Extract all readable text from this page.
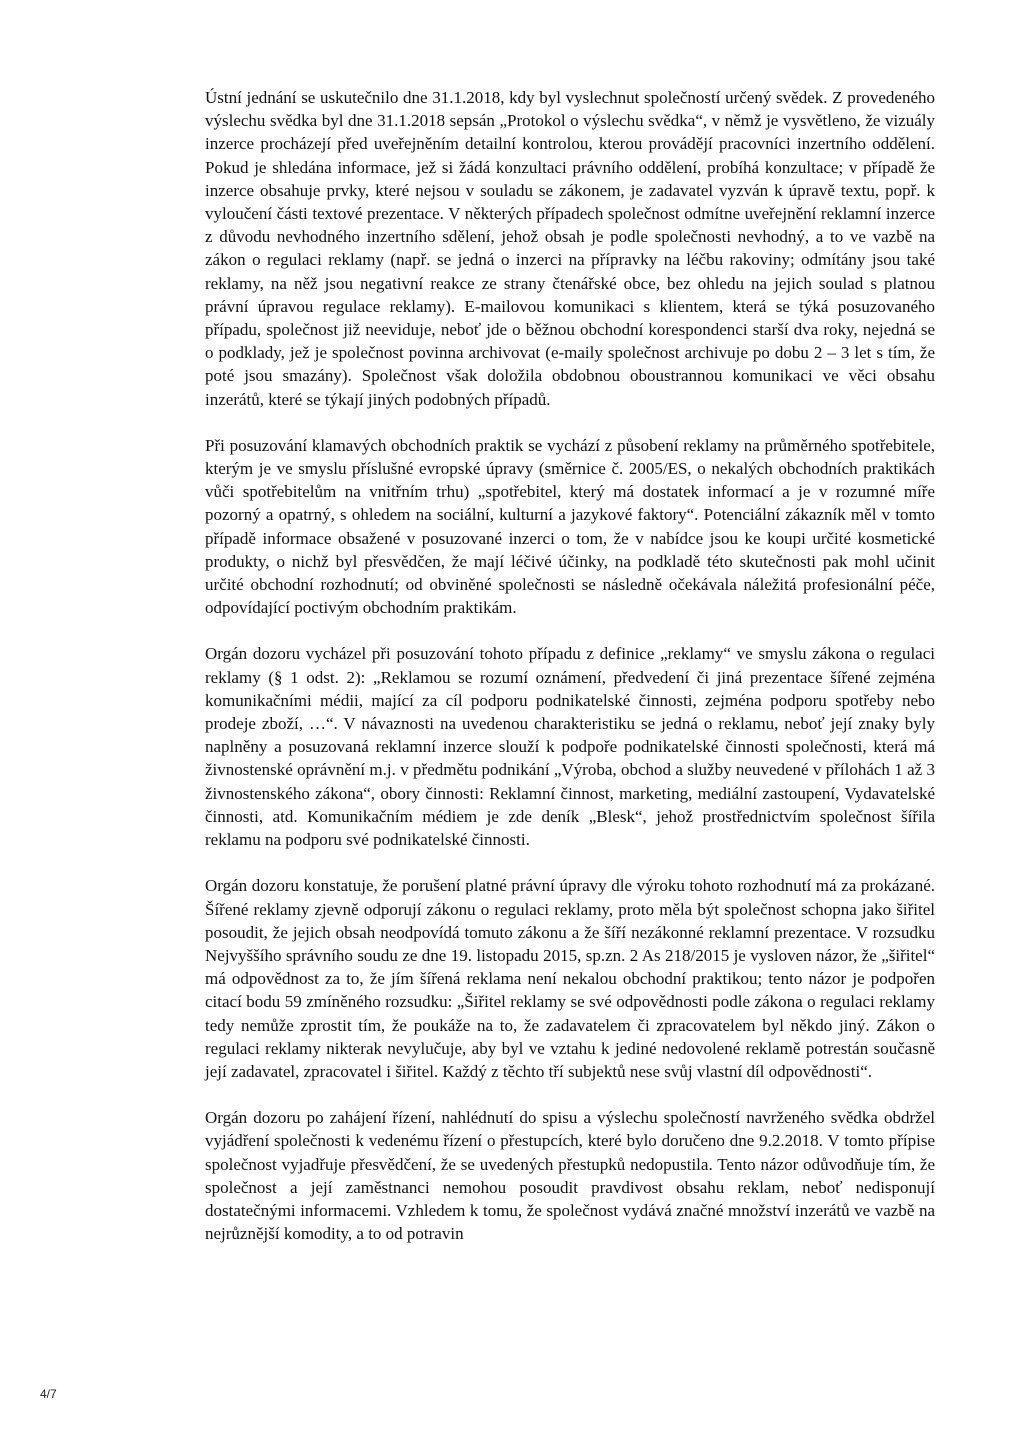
Ústní jednání se uskutečnilo dne 31.1.2018, kdy byl vyslechnut společností určený svědek. Z provedeného výslechu svědka byl dne 31.1.2018 sepsán „Protokol o výslechu svědka“, v němž je vysvětleno, že vizuály inzerce procházejí před uveřejněním detailní kontrolou, kterou provádějí pracovníci inzertního oddělení. Pokud je shledána informace, jež si žádá konzultaci právního oddělení, probíhá konzultace; v případě že inzerce obsahuje prvky, které nejsou v souladu se zákonem, je zadavatel vyzván k úpravě textu, popř. k vyloučení části textové prezentace. V některých případech společnost odmítne uveřejnění reklamní inzerce z důvodu nevhodného inzertního sdělení, jehož obsah je podle společnosti nevhodný, a to ve vazbě na zákon o regulaci reklamy (např. se jedná o inzerci na přípravky na léčbu rakoviny; odmítány jsou také reklamy, na něž jsou negativní reakce ze strany čtenářské obce, bez ohledu na jejich soulad s platnou právní úpravou regulace reklamy). E-mailovou komunikaci s klientem, která se týká posuzovaného případu, společnost již neeviduje, neboť jde o běžnou obchodní korespondenci starší dva roky, nejedná se o podklady, jež je společnost povinna archivovat (e-maily společnost archivuje po dobu 2 – 3 let s tím, že poté jsou smazány). Společnost však doložila obdobnou oboustrannou komunikaci ve věci obsahu inzerátů, které se týkají jiných podobných případů.

Při posuzování klamavých obchodních praktik se vychází z působení reklamy na průměrného spotřebitele, kterým je ve smyslu příslušné evropské úpravy (směrnice č. 2005/ES, o nekalých obchodních praktikách vůči spotřebitelům na vnitřním trhu) „spotřebitel, který má dostatek informací a je v rozumné míře pozorný a opatrný, s ohledem na sociální, kulturní a jazykové faktory“. Potenciální zákazník měl v tomto případě informace obsažené v posuzované inzerci o tom, že v nabídce jsou ke koupi určité kosmetické produkty, o nichž byl přesvědčen, že mají léčivé účinky, na podkladě této skutečnosti pak mohl učinit určité obchodní rozhodnutí; od obviněné společnosti se následně očekávala náležitá profesionální péče, odpovídající poctivým obchodním praktikám.

Orgán dozoru vycházel při posuzování tohoto případu z definice „reklamy“ ve smyslu zákona o regulaci reklamy (§ 1 odst. 2): „Reklamou se rozumí oznámení, předvedení či jiná prezentace šířené zejména komunikačními médii, mající za cíl podporu podnikatelské činnosti, zejména podporu spotřeby nebo prodeje zboží, …“. V návaznosti na uvedenou charakteristiku se jedná o reklamu, neboť její znaky byly naplněny a posuzovaná reklamní inzerce slouží k podpoře podnikatelské činnosti společnosti, která má živnostenské oprávnění m.j. v předmětu podnikání „Výroba, obchod a služby neuvedené v přílohách 1 až 3 živnostenského zákona“, obory činnosti: Reklamní činnost, marketing, mediální zastoupení, Vydavatelské činnosti, atd. Komunikačním médiem je zde deník „Blesk“, jehož prostřednictvím společnost šířila reklamu na podporu své podnikatelské činnosti.

Orgán dozoru konstatuje, že porušení platné právní úpravy dle výroku tohoto rozhodnutí má za prokázané. Šířené reklamy zjevně odporují zákonu o regulaci reklamy, proto měla být společnost schopna jako šiřitel posoudit, že jejich obsah neodpovídá tomuto zákonu a že šíří nezákonné reklamní prezentace. V rozsudku Nejvyššího správního soudu ze dne 19. listopadu 2015, sp.zn. 2 As 218/2015 je vysloven názor, že „šiřitel“ má odpovědnost za to, že jím šířená reklama není nekalou obchodní praktikou; tento názor je podpořen citací bodu 59 zmíněného rozsudku: „Šiřitel reklamy se své odpovědnosti podle zákona o regulaci reklamy tedy nemůže zprostit tím, že poukáže na to, že zadavatelem či zpracovatelem byl někdo jiný. Zákon o regulaci reklamy nikterak nevylučuje, aby byl ve vztahu k jediné nedovolené reklamě potrestán současně její zadavatel, zpracovatel i šiřitel. Každý z těchto tří subjektů nese svůj vlastní díl odpovědnosti“.

Orgán dozoru po zahájení řízení, nahlédnutí do spisu a výslechu společností navrženého svědka obdržel vyjádření společnosti k vedenému řízení o přestupcích, které bylo doručeno dne 9.2.2018. V tomto přípise společnost vyjadřuje přesvědčení, že se uvedených přestupků nedopustila. Tento názor odůvodňuje tím, že společnost a její zaměstnanci nemohou posoudit pravdivost obsahu reklam, neboť nedisponují dostatečnými informacemi. Vzhledem k tomu, že společnost vydává značné množství inzerátů ve vazbě na nejrůznější komodity, a to od potravin

4/7
